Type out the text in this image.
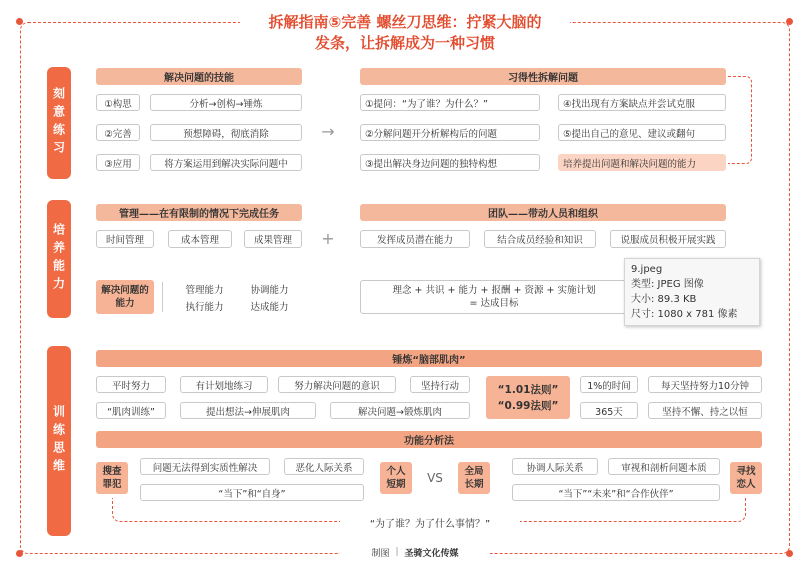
拆解指南⑤完善 螺丝刀思维：拧紧大脑的
发条，让拆解成为一种习惯
刻意练习
解决问题的技能
①构思	分析→创构→锤炼
②完善	预想障碍，彻底消除
③应用	将方案运用到解决实际问题中
→
习得性拆解问题
①提问：“为了谁？为什么？”
②分解问题开分析解构后的问题
③提出解决身边问题的独特构想
④找出现有方案缺点并尝试克服
⑤提出自己的意见、建议或翻句
培养提出问题和解决问题的能力
培养能力
管理——在有限制的情况下完成任务
时间管理	成本管理	成果管理	+
团队——带动人员和组织
发挥成员潜在能力	结合成员经验和知识	说服成员积极开展实践
解决问题的能力
管理能力	协调能力
执行能力	达成能力
理念 + 共识 + 能力 + 报酬 + 资源 + 实施计划
= 达成目标
9.jpeg
类型: JPEG 图像
大小: 89.3 KB
尺寸: 1080 x 781 像素
训练思维
锤炼“脑部肌肉”
平时努力	有计划地练习	努力解决问题的意识	坚持行动
“肌肉训练”	提出想法→伸展肌肉	解决问题→锻炼肌肉
“1.01法则”
“0.99法则”
1%的时间	每天坚持努力10分钟
365天	坚持不懈、持之以恒
功能分析法
搜查罪犯
问题无法得到实质性解决	恶化人际关系
“当下”和“自身”
个人短期	VS	全局长期
协调人际关系	审视和剖析问题本质
“当下”“未来”和“合作伙伴”
寻找恋人
“为了谁？为了什么事情？”
制图 | 圣骑文化传媒
